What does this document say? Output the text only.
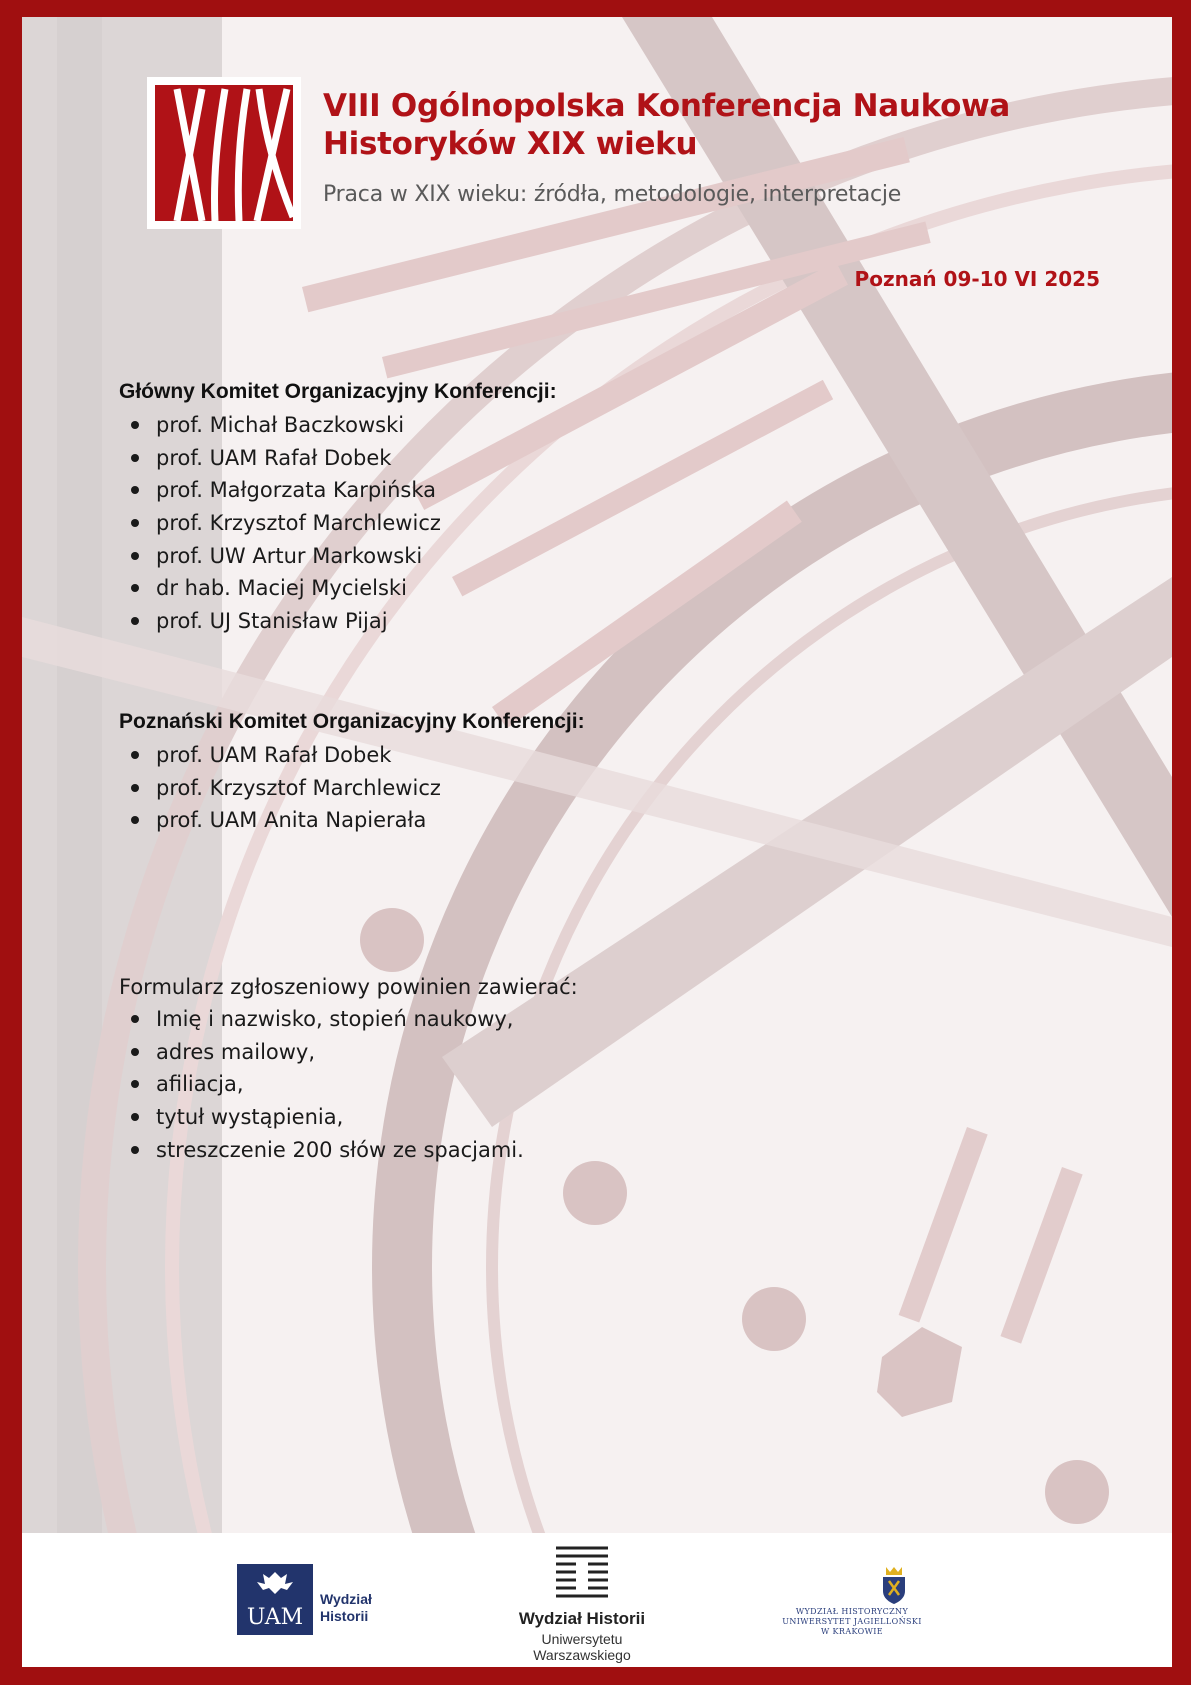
VIII Ogólnopolska Konferencja Naukowa
Historyków XIX wieku
Praca w XIX wieku: źródła, metodologie, interpretacje
Poznań 09-10 VI 2025
Główny Komitet Organizacyjny Konferencji:
prof. Michał Baczkowski
prof. UAM Rafał Dobek
prof. Małgorzata Karpińska
prof. Krzysztof Marchlewicz
prof. UW Artur Markowski
dr hab. Maciej Mycielski
prof. UJ Stanisław Pijaj
Poznański Komitet Organizacyjny Konferencji:
prof. UAM Rafał Dobek
prof. Krzysztof Marchlewicz
prof. UAM Anita Napierała
Formularz zgłoszeniowy powinien zawierać:
Imię i nazwisko, stopień naukowy,
adres mailowy,
afiliacja,
tytuł wystąpienia,
streszczenie 200 słów ze spacjami.
UAM
Wydział
Historii	Wydział Historii
Uniwersytetu Warszawskiego
WYDZIAŁ HISTORYCZNY
UNIWERSYTET JAGIELLOŃSKI
W KRAKOWIE
